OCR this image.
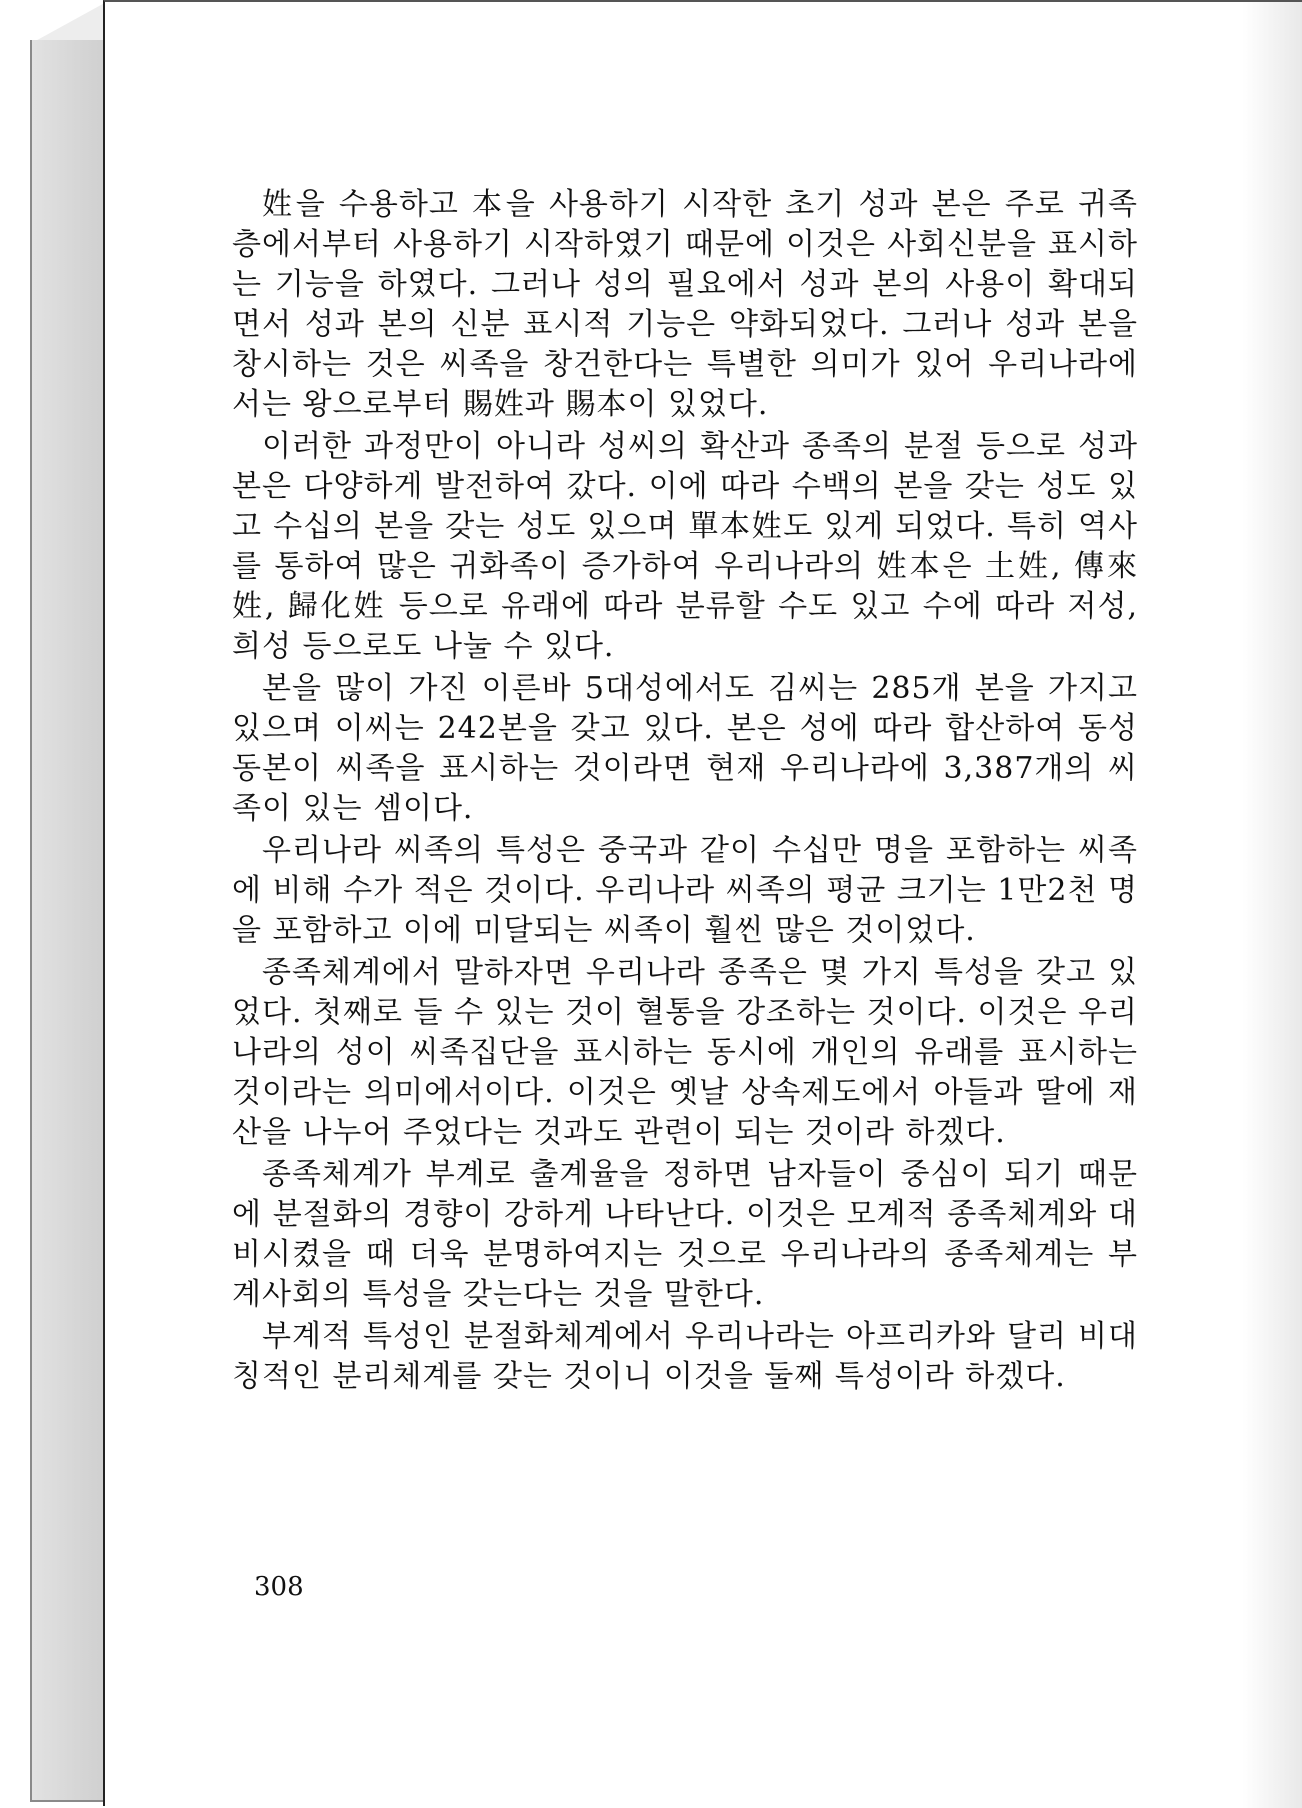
姓을 수용하고 本을 사용하기 시작한 초기 성과 본은 주로 귀족층에서부터 사용하기 시작하였기 때문에 이것은 사회신분을 표시하는 기능을 하였다. 그러나 성의 필요에서 성과 본의 사용이 확대되면서 성과 본의 신분 표시적 기능은 약화되었다. 그러나 성과 본을 창시하는 것은 씨족을 창건한다는 특별한 의미가 있어 우리나라에서는 왕으로부터 賜姓과 賜本이 있었다.

이러한 과정만이 아니라 성씨의 확산과 종족의 분절 등으로 성과 본은 다양하게 발전하여 갔다. 이에 따라 수백의 본을 갖는 성도 있고 수십의 본을 갖는 성도 있으며 單本姓도 있게 되었다. 특히 역사를 통하여 많은 귀화족이 증가하여 우리나라의 姓本은 土姓, 傳來姓, 歸化姓 등으로 유래에 따라 분류할 수도 있고 수에 따라 저성, 희성 등으로도 나눌 수 있다.

본을 많이 가진 이른바 5대성에서도 김씨는 285개 본을 가지고 있으며 이씨는 242본을 갖고 있다. 본은 성에 따라 합산하여 동성동본이 씨족을 표시하는 것이라면 현재 우리나라에 3,387개의 씨족이 있는 셈이다.

우리나라 씨족의 특성은 중국과 같이 수십만 명을 포함하는 씨족에 비해 수가 적은 것이다. 우리나라 씨족의 평균 크기는 1만2천 명을 포함하고 이에 미달되는 씨족이 훨씬 많은 것이었다.

종족체계에서 말하자면 우리나라 종족은 몇 가지 특성을 갖고 있었다. 첫째로 들 수 있는 것이 혈통을 강조하는 것이다. 이것은 우리나라의 성이 씨족집단을 표시하는 동시에 개인의 유래를 표시하는 것이라는 의미에서이다. 이것은 옛날 상속제도에서 아들과 딸에 재산을 나누어 주었다는 것과도 관련이 되는 것이라 하겠다.

종족체계가 부계로 출계율을 정하면 남자들이 중심이 되기 때문에 분절화의 경향이 강하게 나타난다. 이것은 모계적 종족체계와 대비시켰을 때 더욱 분명하여지는 것으로 우리나라의 종족체계는 부계사회의 특성을 갖는다는 것을 말한다.

부계적 특성인 분절화체계에서 우리나라는 아프리카와 달리 비대칭적인 분리체계를 갖는 것이니 이것을 둘째 특성이라 하겠다.

308
